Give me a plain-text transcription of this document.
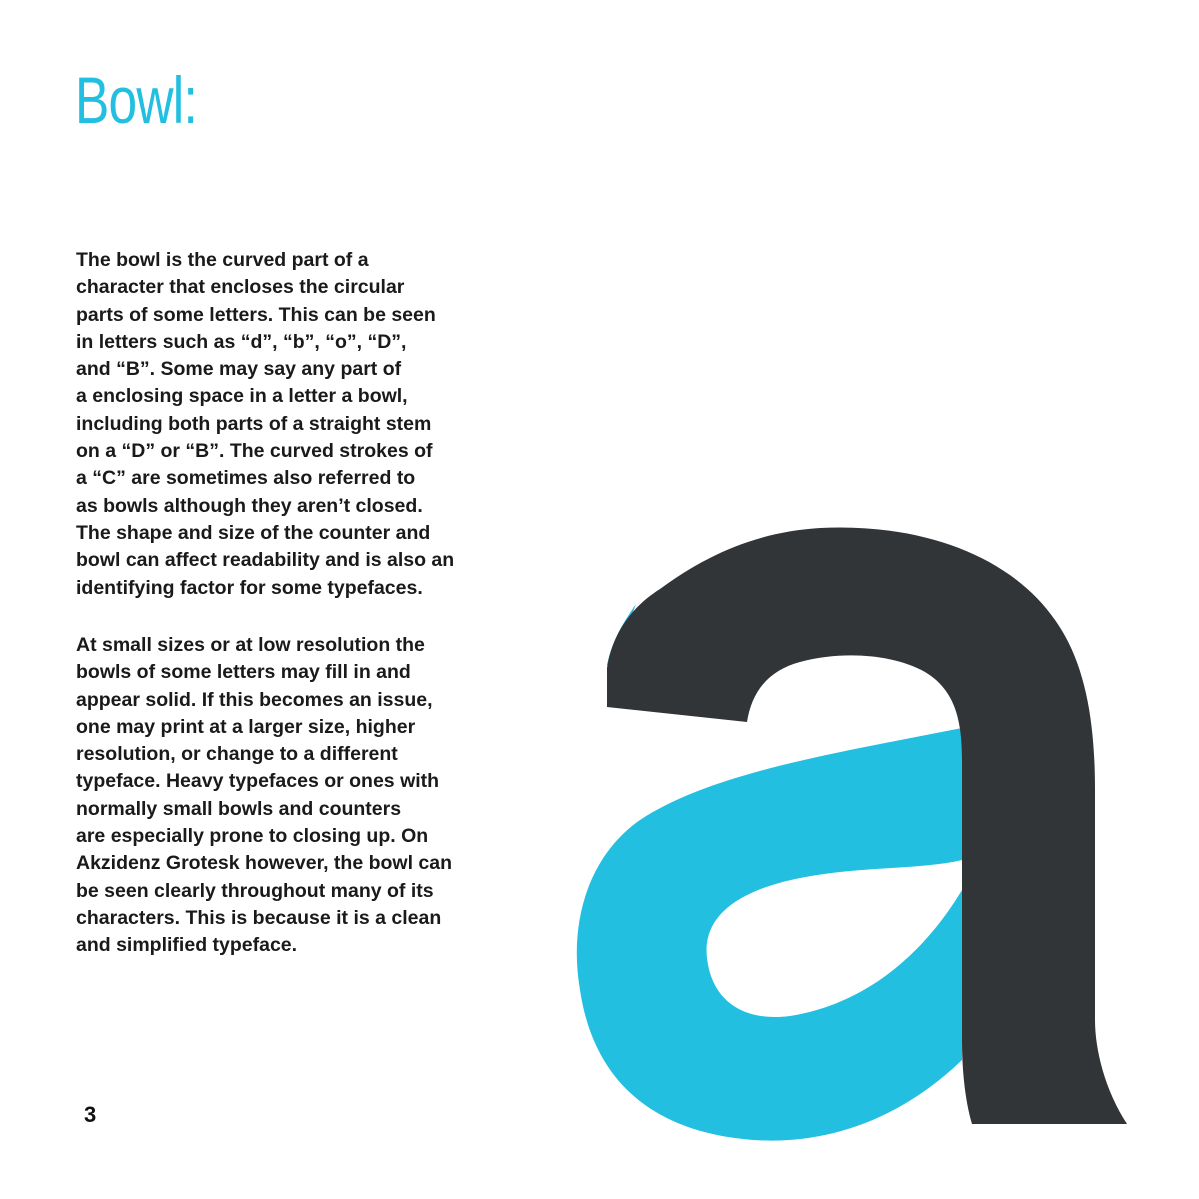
Bowl:

The bowl is the curved part of a
character that encloses the circular
parts of some letters. This can be seen
in letters such as “d”, “b”, “o”, “D”,
and “B”. Some may say any part of
a enclosing space in a letter a bowl,
including both parts of a straight stem
on a “D” or “B”. The curved strokes of
a “C” are sometimes also referred to
as bowls although they aren’t closed.
The shape and size of the counter and
bowl can affect readability and is also an
identifying factor for some typefaces.

At small sizes or at low resolution the
bowls of some letters may fill in and
appear solid. If this becomes an issue,
one may print at a larger size, higher
resolution, or change to a different
typeface. Heavy typefaces or ones with
normally small bowls and counters
are especially prone to closing up. On
Akzidenz Grotesk however, the bowl can
be seen clearly throughout many of its
characters. This is because it is a clean
and simplified typeface.

3
